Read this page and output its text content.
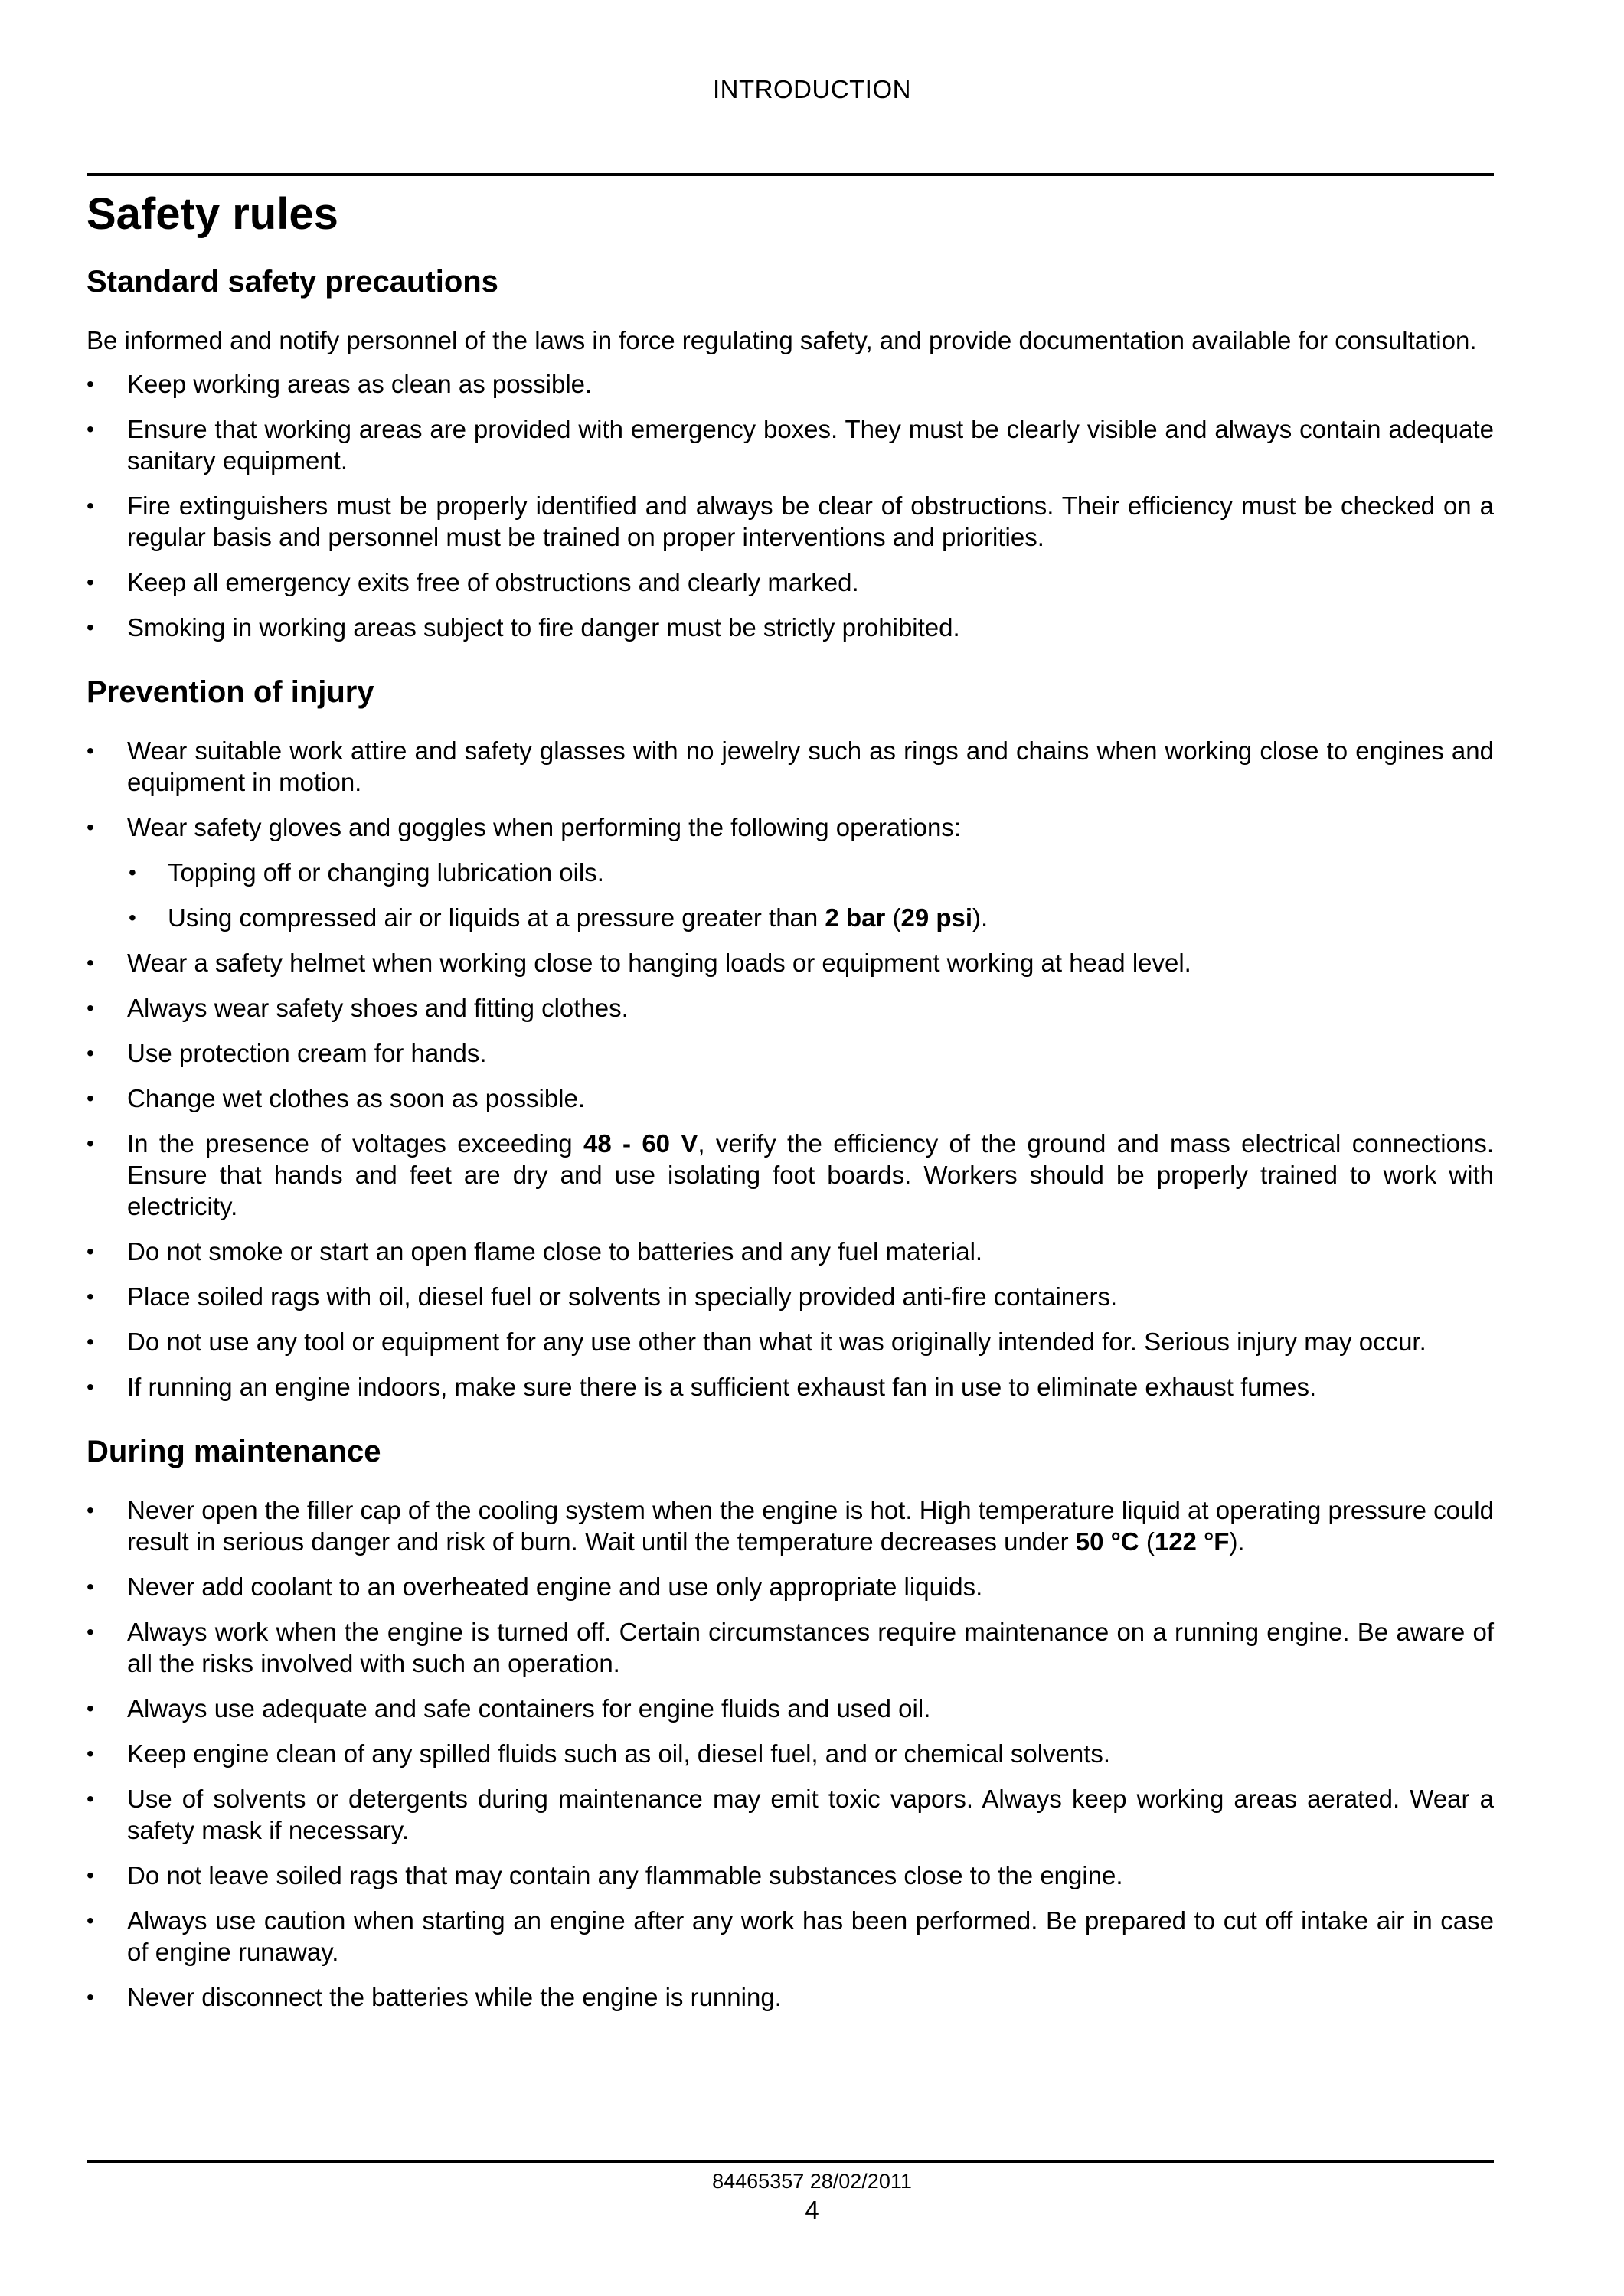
INTRODUCTION
Safety rules
Standard safety precautions

Be informed and notify personnel of the laws in force regulating safety, and provide documentation available for consultation.

• Keep working areas as clean as possible.
• Ensure that working areas are provided with emergency boxes. They must be clearly visible and always contain adequate sanitary equipment.
• Fire extinguishers must be properly identified and always be clear of obstructions. Their efficiency must be checked on a regular basis and personnel must be trained on proper interventions and priorities.
• Keep all emergency exits free of obstructions and clearly marked.
• Smoking in working areas subject to fire danger must be strictly prohibited.
Prevention of injury
• Wear suitable work attire and safety glasses with no jewelry such as rings and chains when working close to engines and equipment in motion.
• Wear safety gloves and goggles when performing the following operations:
• Topping off or changing lubrication oils.
• Using compressed air or liquids at a pressure greater than 2 bar (29 psi).
• Wear a safety helmet when working close to hanging loads or equipment working at head level.
• Always wear safety shoes and fitting clothes.
• Use protection cream for hands.
• Change wet clothes as soon as possible.
• In the presence of voltages exceeding 48 - 60 V, verify the efficiency of the ground and mass electrical connections. Ensure that hands and feet are dry and use isolating foot boards. Workers should be properly trained to work with electricity.
• Do not smoke or start an open flame close to batteries and any fuel material.
• Place soiled rags with oil, diesel fuel or solvents in specially provided anti-fire containers.
• Do not use any tool or equipment for any use other than what it was originally intended for. Serious injury may occur.
• If running an engine indoors, make sure there is a sufficient exhaust fan in use to eliminate exhaust fumes.
During maintenance
• Never open the filler cap of the cooling system when the engine is hot. High temperature liquid at operating pressure could result in serious danger and risk of burn. Wait until the temperature decreases under 50 °C (122 °F).
• Never add coolant to an overheated engine and use only appropriate liquids.
• Always work when the engine is turned off. Certain circumstances require maintenance on a running engine. Be aware of all the risks involved with such an operation.
• Always use adequate and safe containers for engine fluids and used oil.
• Keep engine clean of any spilled fluids such as oil, diesel fuel, and or chemical solvents.
• Use of solvents or detergents during maintenance may emit toxic vapors. Always keep working areas aerated. Wear a safety mask if necessary.
• Do not leave soiled rags that may contain any flammable substances close to the engine.
• Always use caution when starting an engine after any work has been performed. Be prepared to cut off intake air in case of engine runaway.
• Never disconnect the batteries while the engine is running.
84465357 28/02/2011
4
